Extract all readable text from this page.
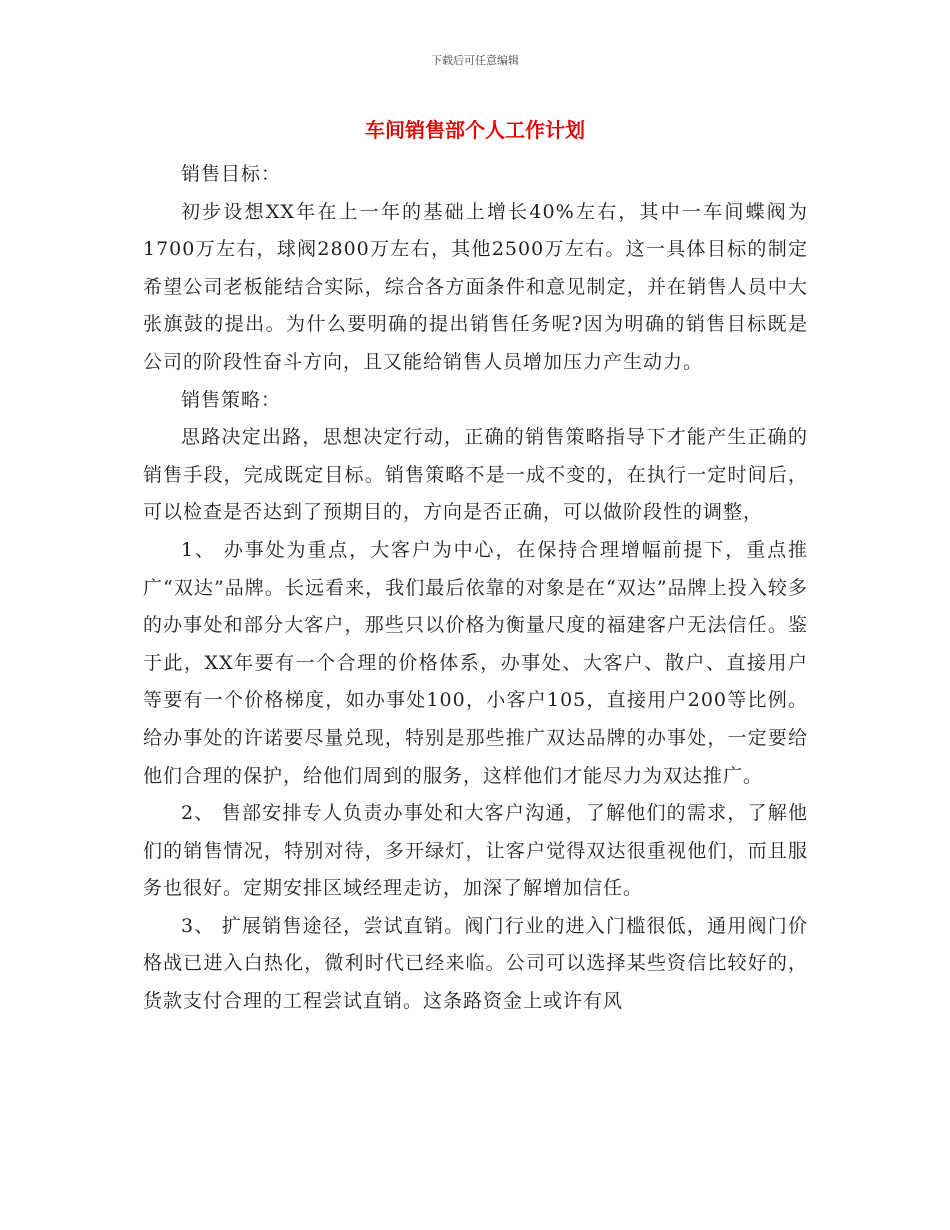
下载后可任意编辑
车间销售部个人工作计划

销售目标：

初步设想XX年在上一年的基础上增长40%左右，其中一车间蝶阀为1700万左右，球阀2800万左右，其他2500万左右。这一具体目标的制定希望公司老板能结合实际，综合各方面条件和意见制定，并在销售人员中大张旗鼓的提出。为什么要明确的提出销售任务呢?因为明确的销售目标既是公司的阶段性奋斗方向，且又能给销售人员增加压力产生动力。

销售策略：

思路决定出路，思想决定行动，正确的销售策略指导下才能产生正确的销售手段，完成既定目标。销售策略不是一成不变的，在执行一定时间后，可以检查是否达到了预期目的，方向是否正确，可以做阶段性的调整，

1、 办事处为重点，大客户为中心，在保持合理增幅前提下，重点推广“双达”品牌。长远看来，我们最后依靠的对象是在“双达”品牌上投入较多的办事处和部分大客户，那些只以价格为衡量尺度的福建客户无法信任。鉴于此，XX年要有一个合理的价格体系，办事处、大客户、散户、直接用户等要有一个价格梯度，如办事处100，小客户105，直接用户200等比例。给办事处的许诺要尽量兑现，特别是那些推广双达品牌的办事处，一定要给他们合理的保护，给他们周到的服务，这样他们才能尽力为双达推广。

2、 售部安排专人负责办事处和大客户沟通，了解他们的需求，了解他们的销售情况，特别对待，多开绿灯，让客户觉得双达很重视他们，而且服务也很好。定期安排区域经理走访，加深了解增加信任。

3、 扩展销售途径，尝试直销。阀门行业的进入门槛很低，通用阀门价格战已进入白热化，微利时代已经来临。公司可以选择某些资信比较好的，货款支付合理的工程尝试直销。这条路资金上或许有风
